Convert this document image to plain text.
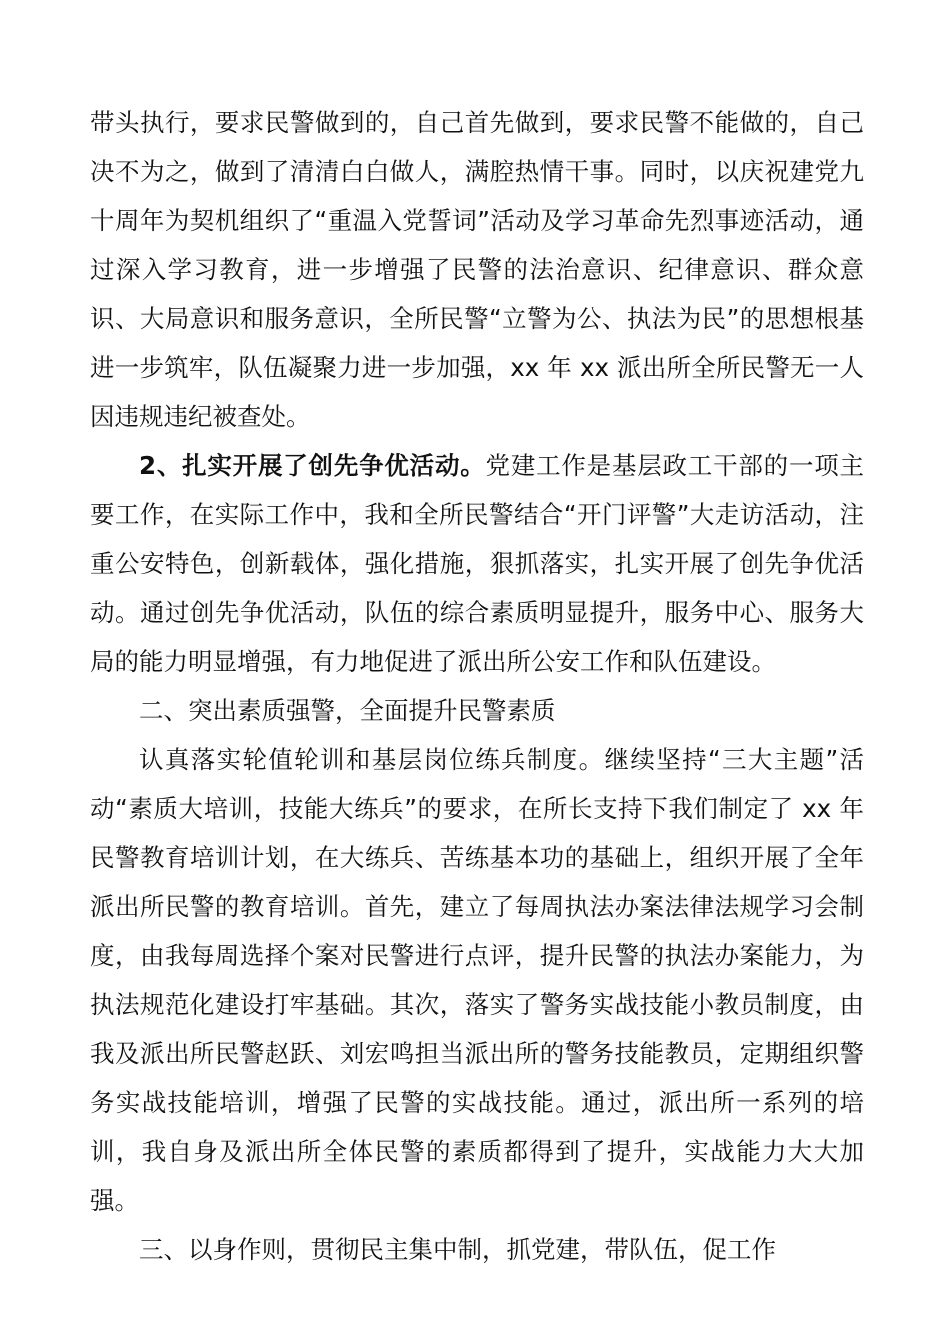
带头执行，要求民警做到的，自己首先做到，要求民警不能做的，自己决不为之，做到了清清白白做人，满腔热情干事。同时，以庆祝建党九十周年为契机组织了“重温入党誓词”活动及学习革命先烈事迹活动，通过深入学习教育，进一步增强了民警的法治意识、纪律意识、群众意识、大局意识和服务意识，全所民警“立警为公、执法为民”的思想根基进一步筑牢，队伍凝聚力进一步加强，xx 年 xx 派出所全所民警无一人因违规违纪被查处。

2、扎实开展了创先争优活动。党建工作是基层政工干部的一项主要工作，在实际工作中，我和全所民警结合“开门评警”大走访活动，注重公安特色，创新载体，强化措施，狠抓落实，扎实开展了创先争优活动。通过创先争优活动，队伍的综合素质明显提升，服务中心、服务大局的能力明显增强，有力地促进了派出所公安工作和队伍建设。

二、突出素质强警，全面提升民警素质

认真落实轮值轮训和基层岗位练兵制度。继续坚持“三大主题”活动“素质大培训，技能大练兵”的要求，在所长支持下我们制定了 xx 年民警教育培训计划，在大练兵、苦练基本功的基础上，组织开展了全年派出所民警的教育培训。首先，建立了每周执法办案法律法规学习会制度，由我每周选择个案对民警进行点评，提升民警的执法办案能力，为执法规范化建设打牢基础。其次，落实了警务实战技能小教员制度，由我及派出所民警赵跃、刘宏鸣担当派出所的警务技能教员，定期组织警务实战技能培训，增强了民警的实战技能。通过，派出所一系列的培训，我自身及派出所全体民警的素质都得到了提升，实战能力大大加强。

三、以身作则，贯彻民主集中制，抓党建，带队伍，促工作
